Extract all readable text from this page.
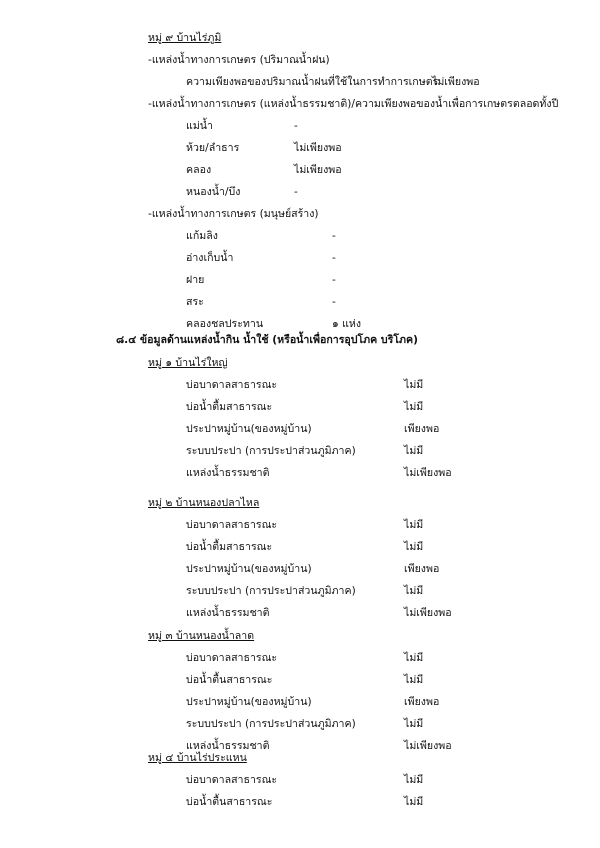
หมู่ ๙ บ้านไร่ภูมิ
-แหล่งน้ำทางการเกษตร (ปริมาณน้ำฝน)
ความเพียงพอของปริมาณน้ำฝนที่ใช้ในการทำการเกษตร
ไม่เพียงพอ
-แหล่งน้ำทางการเกษตร (แหล่งน้ำธรรมชาติ)/ความเพียงพอของน้ำเพื่อการเกษตรตลอดทั้งปี
แม่น้ำ	-
ห้วย/ลำธาร	ไม่เพียงพอ
คลอง	ไม่เพียงพอ
หนองน้ำ/บึง	-
-แหล่งน้ำทางการเกษตร (มนุษย์สร้าง)
แก้มลิง	-
อ่างเก็บน้ำ	-
ฝาย	-
สระ	-
คลองชลประทาน	๑ แห่ง
๘.๔ ข้อมูลด้านแหล่งน้ำกิน น้ำใช้ (หรือน้ำเพื่อการอุปโภค บริโภค)
หมู่ ๑ บ้านไร่ใหญ่
บ่อบาดาลสาธารณะ	ไม่มี
บ่อน้ำตื้มสาธารณะ	ไม่มี
ประปาหมู่บ้าน(ของหมู่บ้าน)	เพียงพอ
ระบบประปา (การประปาส่วนภูมิภาค)	ไม่มี
แหล่งน้ำธรรมชาติ	ไม่เพียงพอ
หมู่ ๒ บ้านหนองปลาไหล
บ่อบาดาลสาธารณะ	ไม่มี
บ่อน้ำตื้มสาธารณะ	ไม่มี
ประปาหมู่บ้าน(ของหมู่บ้าน)	เพียงพอ
ระบบประปา (การประปาส่วนภูมิภาค)	ไม่มี
แหล่งน้ำธรรมชาติ	ไม่เพียงพอ
หมู่ ๓ บ้านหนองน้ำลาด
บ่อบาดาลสาธารณะ	ไม่มี
บ่อน้ำตื้นสาธารณะ	ไม่มี
ประปาหมู่บ้าน(ของหมู่บ้าน)	เพียงพอ
ระบบประปา (การประปาส่วนภูมิภาค)	ไม่มี
แหล่งน้ำธรรมชาติ	ไม่เพียงพอ
หมู่ ๔ บ้านไร่ประแหน
บ่อบาดาลสาธารณะ	ไม่มี
บ่อน้ำตื้นสาธารณะ	ไม่มี
